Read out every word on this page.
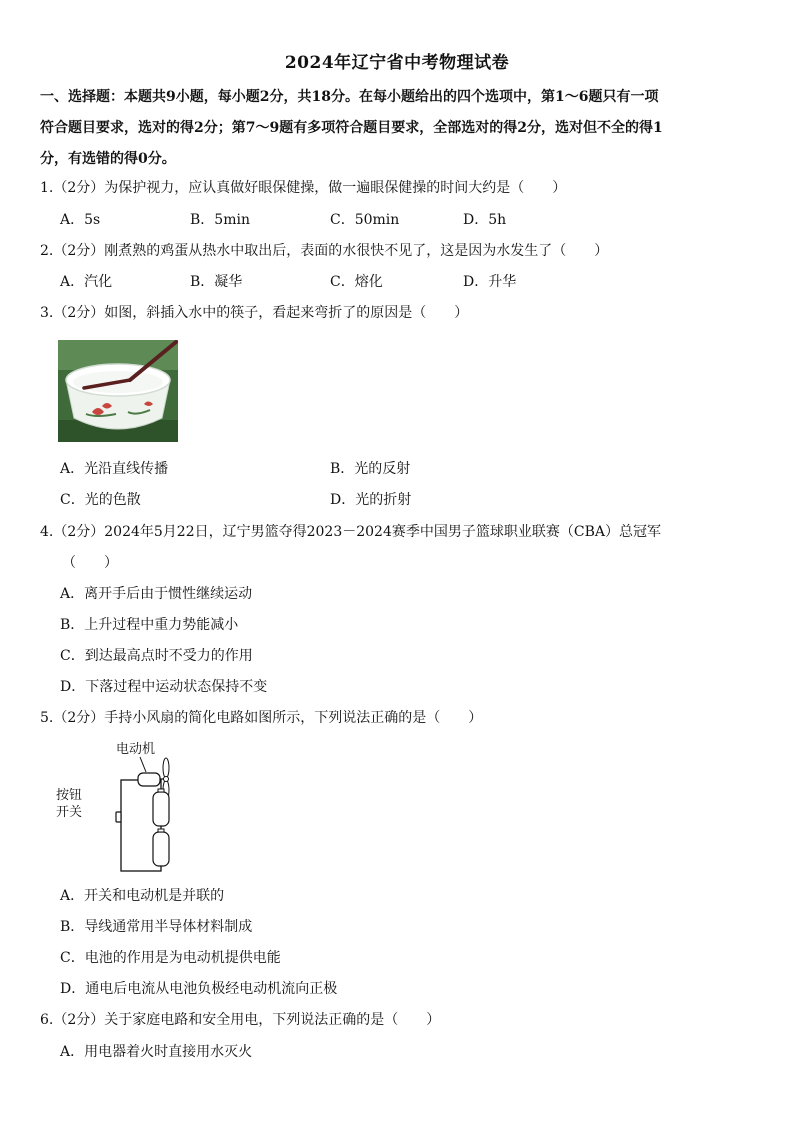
2024年辽宁省中考物理试卷
一、选择题：本题共9小题，每小题2分，共18分。在每小题给出的四个选项中，第1～6题只有一项
符合题目要求，选对的得2分；第7～9题有多项符合题目要求，全部选对的得2分，选对但不全的得1
分，有选错的得0分。
1.（2分）为保护视力，应认真做好眼保健操，做一遍眼保健操的时间大约是（　　）
A．5s	B．5min	C．50min	D．5h
2.（2分）刚煮熟的鸡蛋从热水中取出后，表面的水很快不见了，这是因为水发生了（　　）
A．汽化	B．凝华	C．熔化	D．升华
3.（2分）如图，斜插入水中的筷子，看起来弯折了的原因是（　　）
A．光沿直线传播	B．光的反射
C．光的色散	D．光的折射
4.（2分）2024年5月22日，辽宁男篮夺得2023－2024赛季中国男子篮球职业联赛（CBA）总冠军
（　　）
A．离开手后由于惯性继续运动
B．上升过程中重力势能减小
C．到达最高点时不受力的作用
D．下落过程中运动状态保持不变
5.（2分）手持小风扇的简化电路如图所示，下列说法正确的是（　　）
电动机
按钮
开关
A．开关和电动机是并联的
B．导线通常用半导体材料制成
C．电池的作用是为电动机提供电能
D．通电后电流从电池负极经电动机流向正极
6.（2分）关于家庭电路和安全用电，下列说法正确的是（　　）
A．用电器着火时直接用水灭火
